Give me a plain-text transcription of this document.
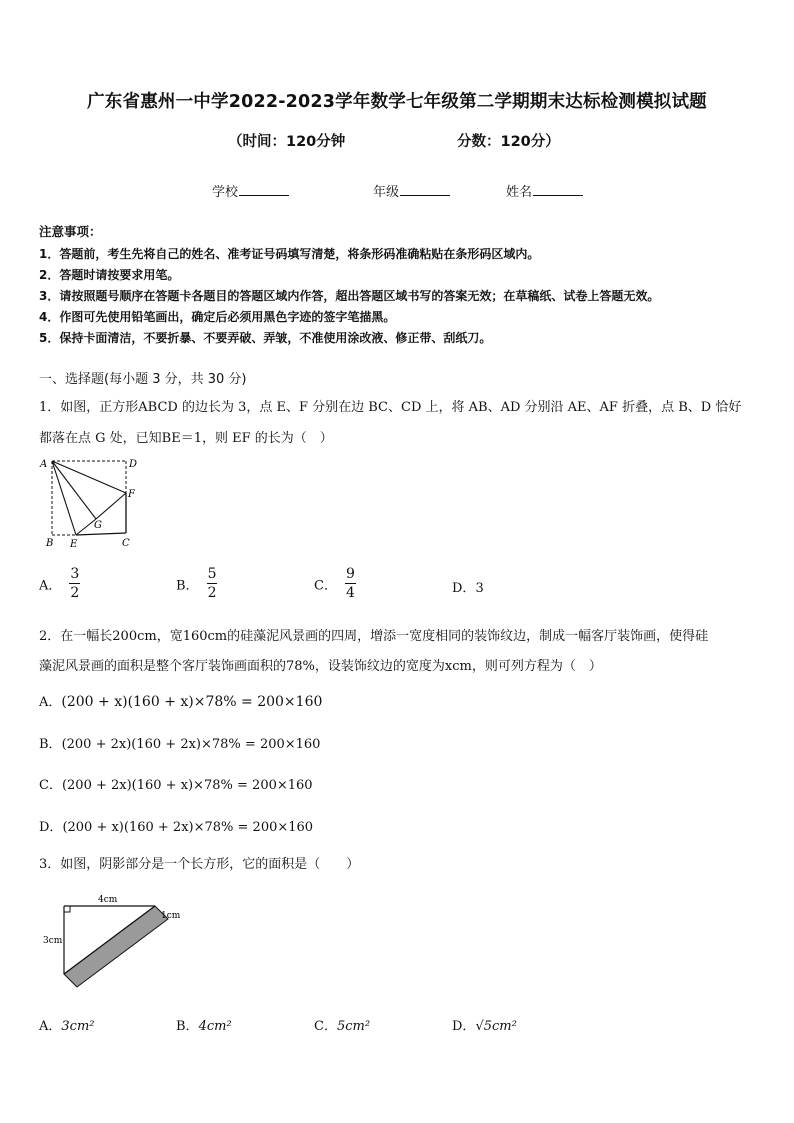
广东省惠州一中学2022-2023学年数学七年级第二学期期末达标检测模拟试题
（时间：120分钟	分数：120分）
学校	年级	姓名
注意事项：
1．答题前，考生先将自己的姓名、准考证号码填写清楚，将条形码准确粘贴在条形码区域内。
2．答题时请按要求用笔。
3．请按照题号顺序在答题卡各题目的答题区域内作答，超出答题区域书写的答案无效；在草稿纸、试卷上答题无效。
4．作图可先使用铅笔画出，确定后必须用黑色字迹的签字笔描黑。
5．保持卡面清洁，不要折暴、不要弄破、弄皱，不准使用涂改液、修正带、刮纸刀。
一、选择题(每小题 3 分，共 30 分)
1．如图，正方形ABCD 的边长为 3，点 E、F 分别在边 BC、CD 上，将 AB、AD 分别沿 AE、AF 折叠，点 B、D 恰好
都落在点 G 处，已知BE＝1，则 EF 的长为（　）
A	D
F
G
B E	C
A． $\frac{3}{2}$	B． $\frac{5}{2}$	C． $\frac{9}{4}$	D．3
2．在一幅长200cm，宽160cm的硅藻泥风景画的四周，增添一宽度相同的装饰纹边，制成一幅客厅装饰画，使得硅
藻泥风景画的面积是整个客厅装饰画面积的78%，设装饰纹边的宽度为xcm，则可列方程为（　）
A．(200 + x)(160 + x)×78% = 200×160
B．(200 + 2x)(160 + 2x)×78% = 200×160
C．(200 + 2x)(160 + x)×78% = 200×160
D．(200 + x)(160 + 2x)×78% = 200×160
3．如图，阴影部分是一个长方形，它的面积是（　　）
4cm
3cm
1cm
A．3cm²	B．4cm²	C．5cm²	D．√5cm²
